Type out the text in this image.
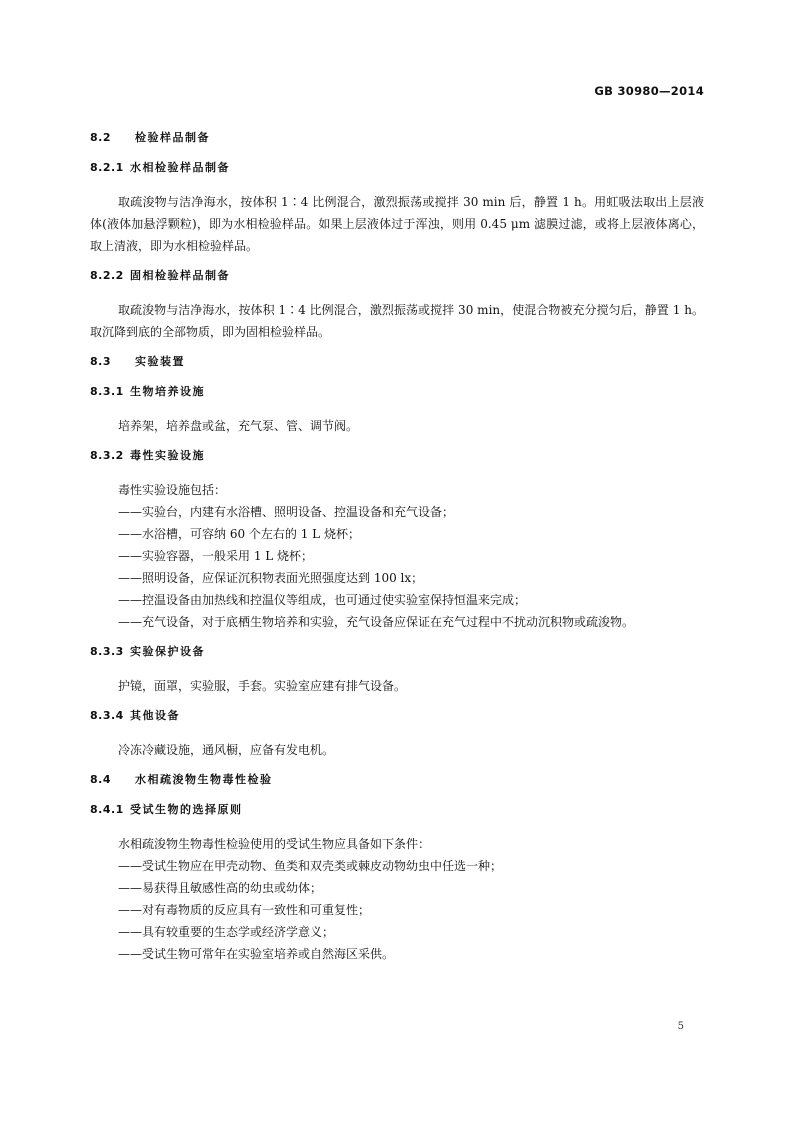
GB 30980—2014
8.2 检验样品制备
8.2.1 水相检验样品制备
取疏浚物与洁净海水，按体积 1∶4 比例混合，激烈振荡或搅拌 30 min 后，静置 1 h。用虹吸法取出上层液体(液体加悬浮颗粒)，即为水相检验样品。如果上层液体过于浑浊，则用 0.45 μm 滤膜过滤，或将上层液体离心，取上清液，即为水相检验样品。
8.2.2 固相检验样品制备
取疏浚物与洁净海水，按体积 1∶4 比例混合，激烈振荡或搅拌 30 min，使混合物被充分搅匀后，静置 1 h。取沉降到底的全部物质，即为固相检验样品。
8.3 实验装置
8.3.1 生物培养设施
培养架，培养盘或盆，充气泵、管、调节阀。
8.3.2 毒性实验设施
毒性实验设施包括：
——实验台，内建有水浴槽、照明设备、控温设备和充气设备；
——水浴槽，可容纳 60 个左右的 1 L 烧杯；
——实验容器，一般采用 1 L 烧杯；
——照明设备，应保证沉积物表面光照强度达到 100 lx；
——控温设备由加热线和控温仪等组成，也可通过使实验室保持恒温来完成；
——充气设备，对于底栖生物培养和实验，充气设备应保证在充气过程中不扰动沉积物或疏浚物。
8.3.3 实验保护设备
护镜，面罩，实验服，手套。实验室应建有排气设备。
8.3.4 其他设备
冷冻冷藏设施，通风橱，应备有发电机。
8.4 水相疏浚物生物毒性检验
8.4.1 受试生物的选择原则
水相疏浚物生物毒性检验使用的受试生物应具备如下条件：
——受试生物应在甲壳动物、鱼类和双壳类或棘皮动物幼虫中任选一种；
——易获得且敏感性高的幼虫或幼体；
——对有毒物质的反应具有一致性和可重复性；
——具有较重要的生态学或经济学意义；
——受试生物可常年在实验室培养或自然海区采供。
5
